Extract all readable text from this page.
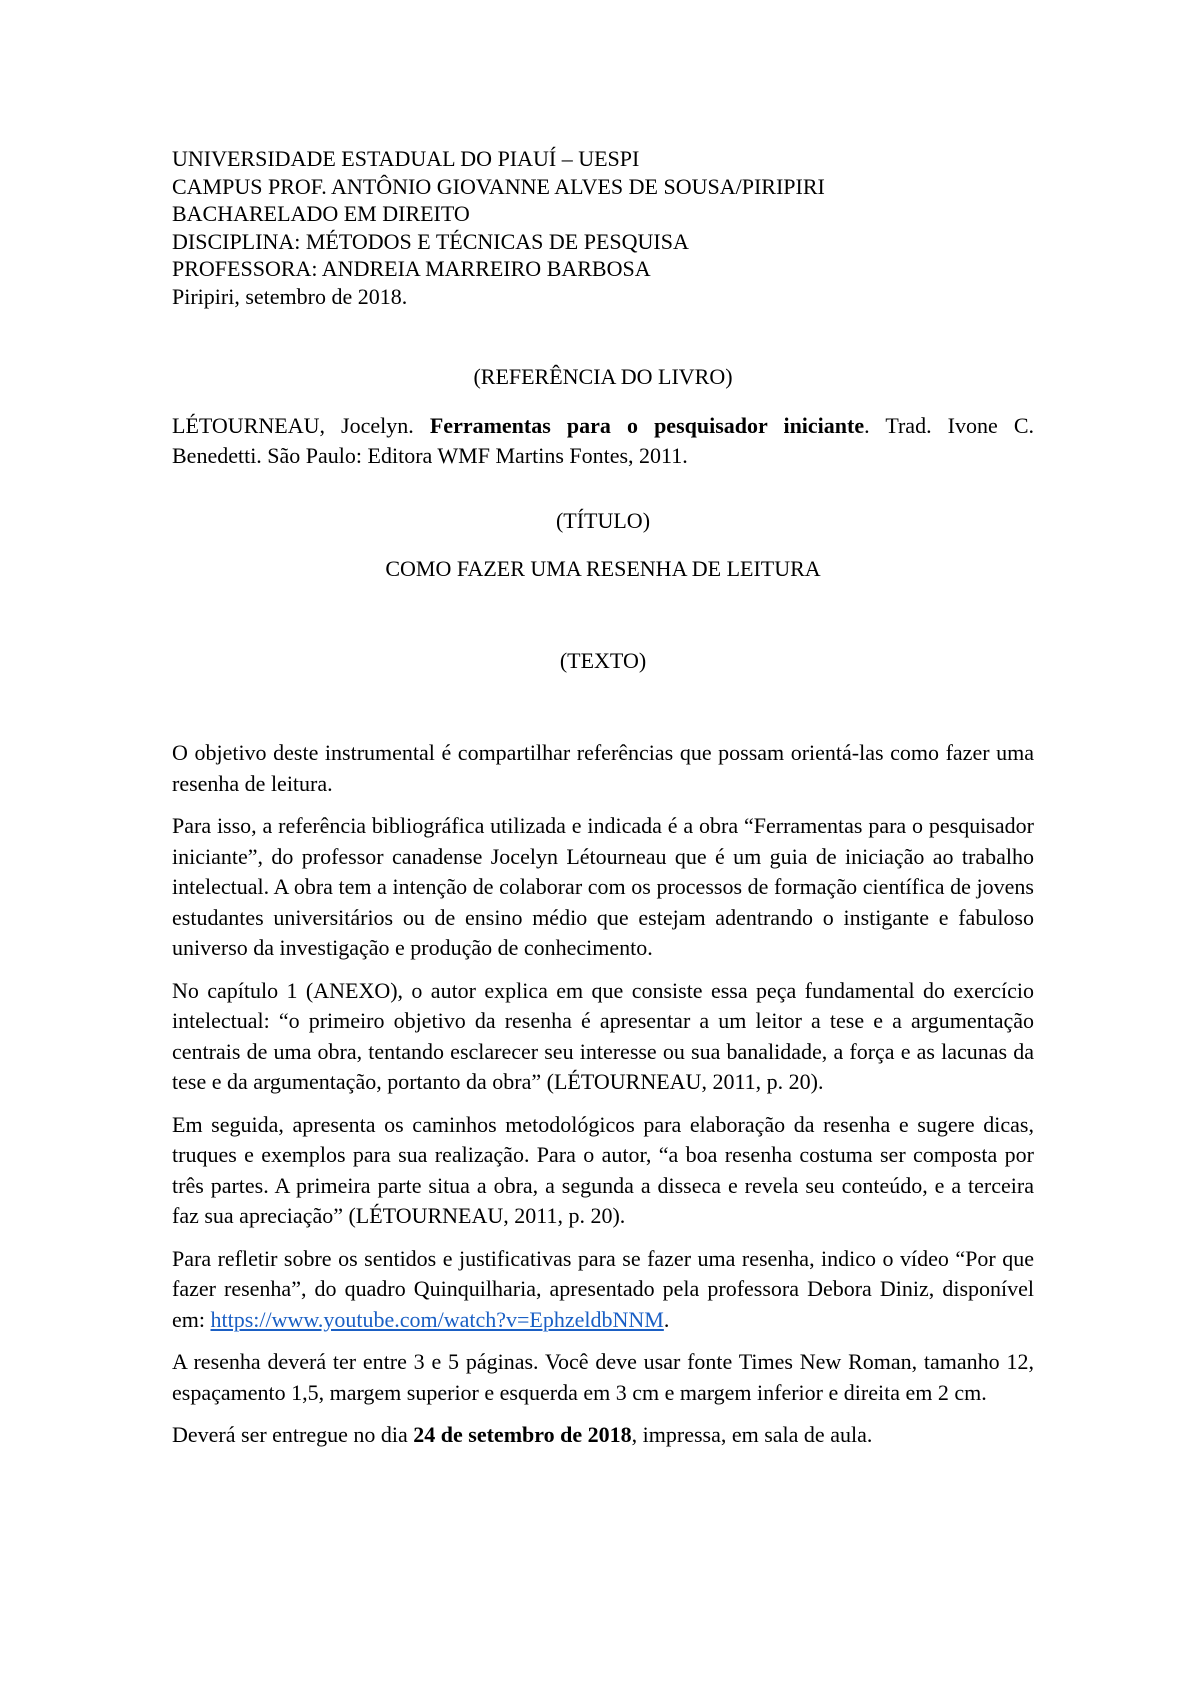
UNIVERSIDADE ESTADUAL DO PIAUÍ – UESPI
CAMPUS PROF. ANTÔNIO GIOVANNE ALVES DE SOUSA/PIRIPIRI
BACHARELADO EM DIREITO
DISCIPLINA: MÉTODOS E TÉCNICAS DE PESQUISA
PROFESSORA: ANDREIA MARREIRO BARBOSA
Piripiri, setembro de 2018.
(REFERÊNCIA DO LIVRO)
LÉTOURNEAU, Jocelyn. Ferramentas para o pesquisador iniciante. Trad. Ivone C. Benedetti. São Paulo: Editora WMF Martins Fontes, 2011.
(TÍTULO)
COMO FAZER UMA RESENHA DE LEITURA
(TEXTO)

O objetivo deste instrumental é compartilhar referências que possam orientá-las como fazer uma resenha de leitura.

Para isso, a referência bibliográfica utilizada e indicada é a obra “Ferramentas para o pesquisador iniciante”, do professor canadense Jocelyn Létourneau que é um guia de iniciação ao trabalho intelectual. A obra tem a intenção de colaborar com os processos de formação científica de jovens estudantes universitários ou de ensino médio que estejam adentrando o instigante e fabuloso universo da investigação e produção de conhecimento.

No capítulo 1 (ANEXO), o autor explica em que consiste essa peça fundamental do exercício intelectual: “o primeiro objetivo da resenha é apresentar a um leitor a tese e a argumentação centrais de uma obra, tentando esclarecer seu interesse ou sua banalidade, a força e as lacunas da tese e da argumentação, portanto da obra” (LÉTOURNEAU, 2011, p. 20).

Em seguida, apresenta os caminhos metodológicos para elaboração da resenha e sugere dicas, truques e exemplos para sua realização. Para o autor, “a boa resenha costuma ser composta por três partes. A primeira parte situa a obra, a segunda a disseca e revela seu conteúdo, e a terceira faz sua apreciação” (LÉTOURNEAU, 2011, p. 20).

Para refletir sobre os sentidos e justificativas para se fazer uma resenha, indico o vídeo “Por que fazer resenha”, do quadro Quinquilharia, apresentado pela professora Debora Diniz, disponível em: https://www.youtube.com/watch?v=EphzeldbNNM.

A resenha deverá ter entre 3 e 5 páginas. Você deve usar fonte Times New Roman, tamanho 12, espaçamento 1,5, margem superior e esquerda em 3 cm e margem inferior e direita em 2 cm.

Deverá ser entregue no dia 24 de setembro de 2018, impressa, em sala de aula.
